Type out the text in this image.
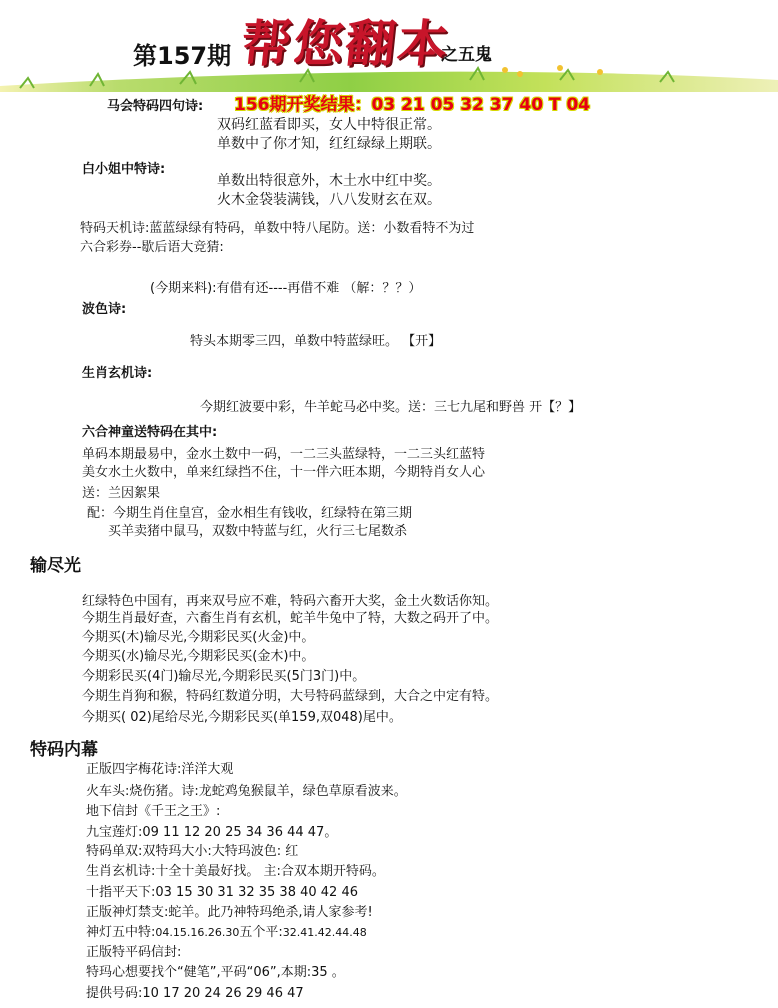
第157期 帮您翻本
之五鬼
马会特码四句诗: 156期开奖结果：03 21 05 32 37 40 T 04
双码红蓝看即买，女人中特很正常。
单数中了你才知，红红绿绿上期联。
白小姐中特诗:
单数出特很意外，木土水中红中奖。
火木金袋装满钱，八八发财玄在双。
特码天机诗:蓝蓝绿绿有特码，单数中特八尾防。送：小数看特不为过
六合彩券--歇后语大竞猜:
(今期来料):有借有还----再借不难 （解：？？）
波色诗:
特头本期零三四，单数中特蓝绿旺。 【开】
生肖玄机诗:
今期红波要中彩，牛羊蛇马必中奖。送：三七九尾和野兽 开【？】
六合神童送特码在其中:
单码本期最易中，金水土数中一码，一二三头蓝绿特，一二三头红蓝特
美女水土火数中，单来红绿挡不住，十一伴六旺本期，今期特肖女人心
送：兰因絮果
配：今期生肖住皇宫，金水相生有钱收，红绿特在第三期
买羊卖猪中鼠马，双数中特蓝与红，火行三七尾数杀
输尽光
红绿特色中国有，再来双号应不难，特码六畜开大奖，金土火数话你知。
今期生肖最好查，六畜生肖有玄机，蛇羊牛兔中了特，大数之码开了中。
今期买(木)输尽光,今期彩民买(火金)中。
今期买(水)输尽光,今期彩民买(金木)中。
今期彩民买(4门)输尽光,今期彩民买(5门3门)中。
今期生肖狗和猴，特码红数道分明，大号特码蓝绿到，大合之中定有特。
今期买( 02)尾给尽光,今期彩民买(单159,双048)尾中。
特码内幕
正版四字梅花诗:洋洋大观
火车头:烧伤猪。诗:龙蛇鸡兔猴鼠羊，绿色草原看波来。
地下信封《千王之王》:
九宝莲灯:09 11 12 20 25 34 36 44 47。
特码单双:双特玛大小:大特玛波色: 红
生肖玄机诗:十全十美最好找。 主:合双本期开特码。
十指平天下:03 15 30 31 32 35 38 40 42 46
正版神灯禁支:蛇羊。此乃神特玛绝杀,请人家参考!
神灯五中特:04.15.16.26.30五个平:32.41.42.44.48
正版特平码信封:
特玛心想要找个“健笔”,平码“06”,本期:35 。
提供号码:10 17 20 24 26 29 46 47
